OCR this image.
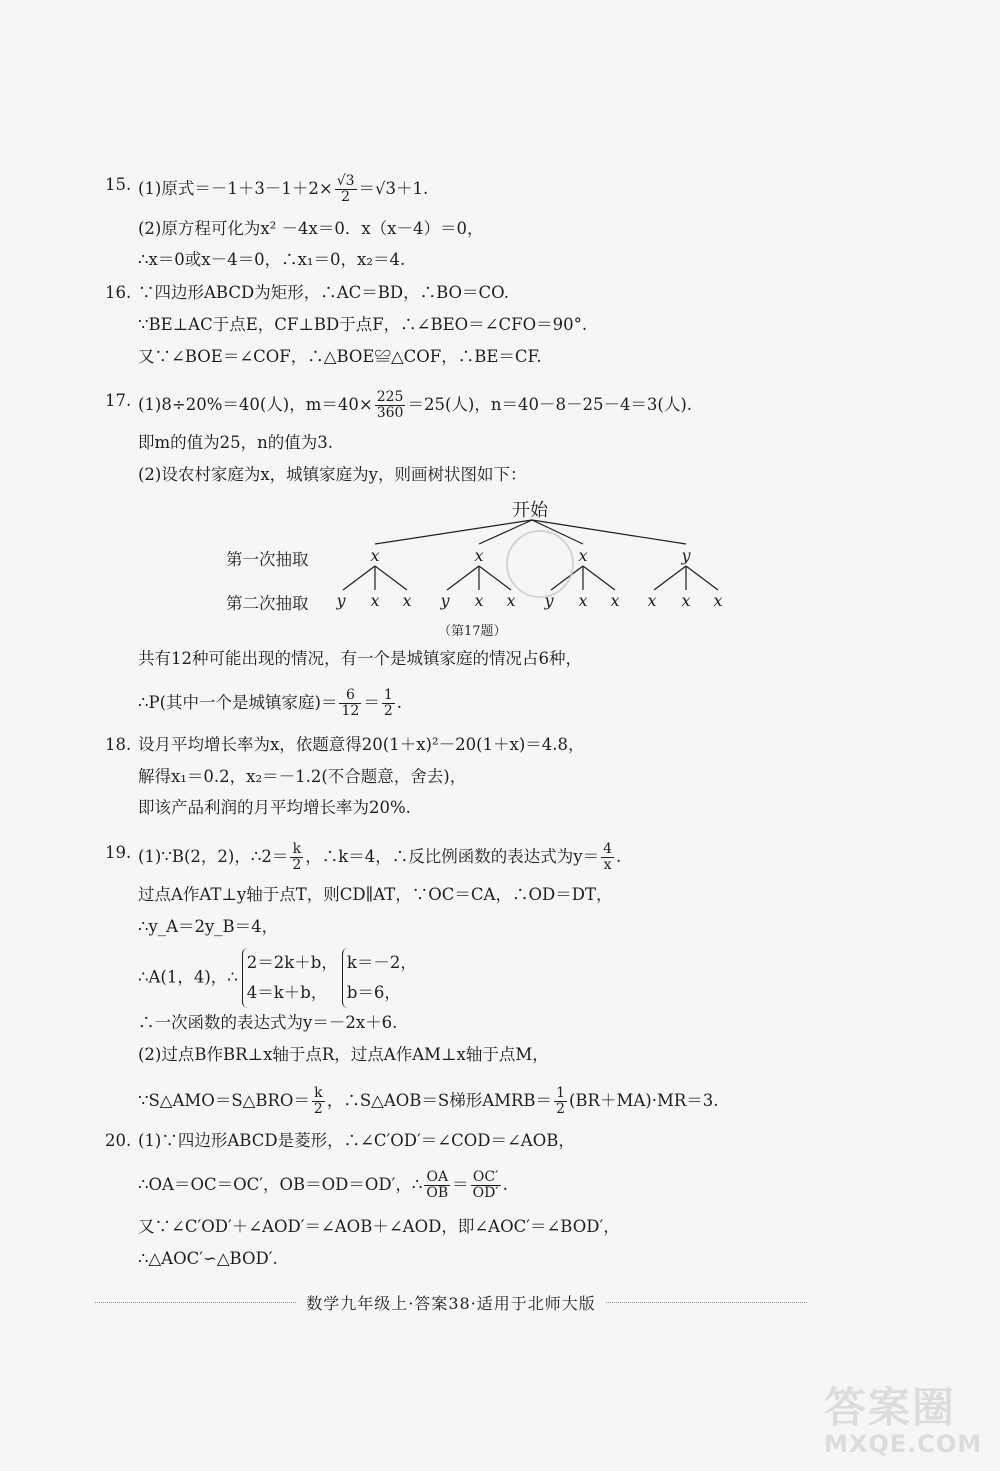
15. (1)原式$=-1+3-1+2\times \frac{√3}{2} =√3+1$.
(2)原方程可化为x² －4x＝0．x（x－4）＝0，
∴x＝0或x－4＝0，∴x₁＝0，x₂＝4.
16. ∵四边形ABCD为矩形，∴AC＝BD，∴BO＝CO.
∵BE⊥AC于点E，CF⊥BD于点F，∴∠BEO＝∠CFO＝90°.
又∵∠BOE＝∠COF，∴△BOE≌△COF，∴BE＝CF.
17. (1)8÷20%＝40(人)，$m=40\times \frac{225}{360} =25$(人)，n＝40－8－25－4＝3(人).
即m的值为25，n的值为3.
(2)设农村家庭为x，城镇家庭为y，则画树状图如下：
开始
第一次抽取
第二次抽取
x	x	x	y
y x x y x x y x x x x x
（第17题）
共有12种可能出现的情况，有一个是城镇家庭的情况占6种，
∴P(其中一个是城镇家庭)＝ $\frac{6}{12} = \frac{1}{2}$ .
18. 设月平均增长率为x，依题意得20(1＋x)²－20(1＋x)＝4.8，
解得x₁＝0.2，x₂＝－1.2(不合题意，舍去)，
即该产品利润的月平均增长率为20%.
19. (1)∵B(2，2)，∴2＝ $\frac{k}{2}$ ，∴k＝4，∴反比例函数的表达式为$y= \frac{4}{x}$ .
过点A作AT⊥y轴于点T，则CD∥AT，∵OC＝CA，∴OD＝DT，
∴y_A＝2y_B＝4，
∴A(1，4)，∴
2＝2k＋b，
4＝k＋b，
k＝－2，
b＝6，
∴一次函数的表达式为y＝－2x＋6.
(2)过点B作BR⊥x轴于点R，过点A作AM⊥x轴于点M，
∵S△AMO＝S△BRO＝ $\frac{k}{2}$ ，∴S△AOB＝S梯形AMRB＝ $\frac{1}{2} (BR+MA)\cdot MR=3$.
20. (1)∵四边形ABCD是菱形，∴∠C′OD′＝∠COD＝∠AOB，
∴OA＝OC＝OC′，OB＝OD＝OD′，∴ $\frac{OA}{OB} = \frac{OC'}{OD'}$ .
又∵∠C′OD′＋∠AOD′＝∠AOB＋∠AOD，即∠AOC′＝∠BOD′，
∴△AOC′∽△BOD′.
数学九年级上·答案38·适用于北师大版
答案圈
MXQE.COM
